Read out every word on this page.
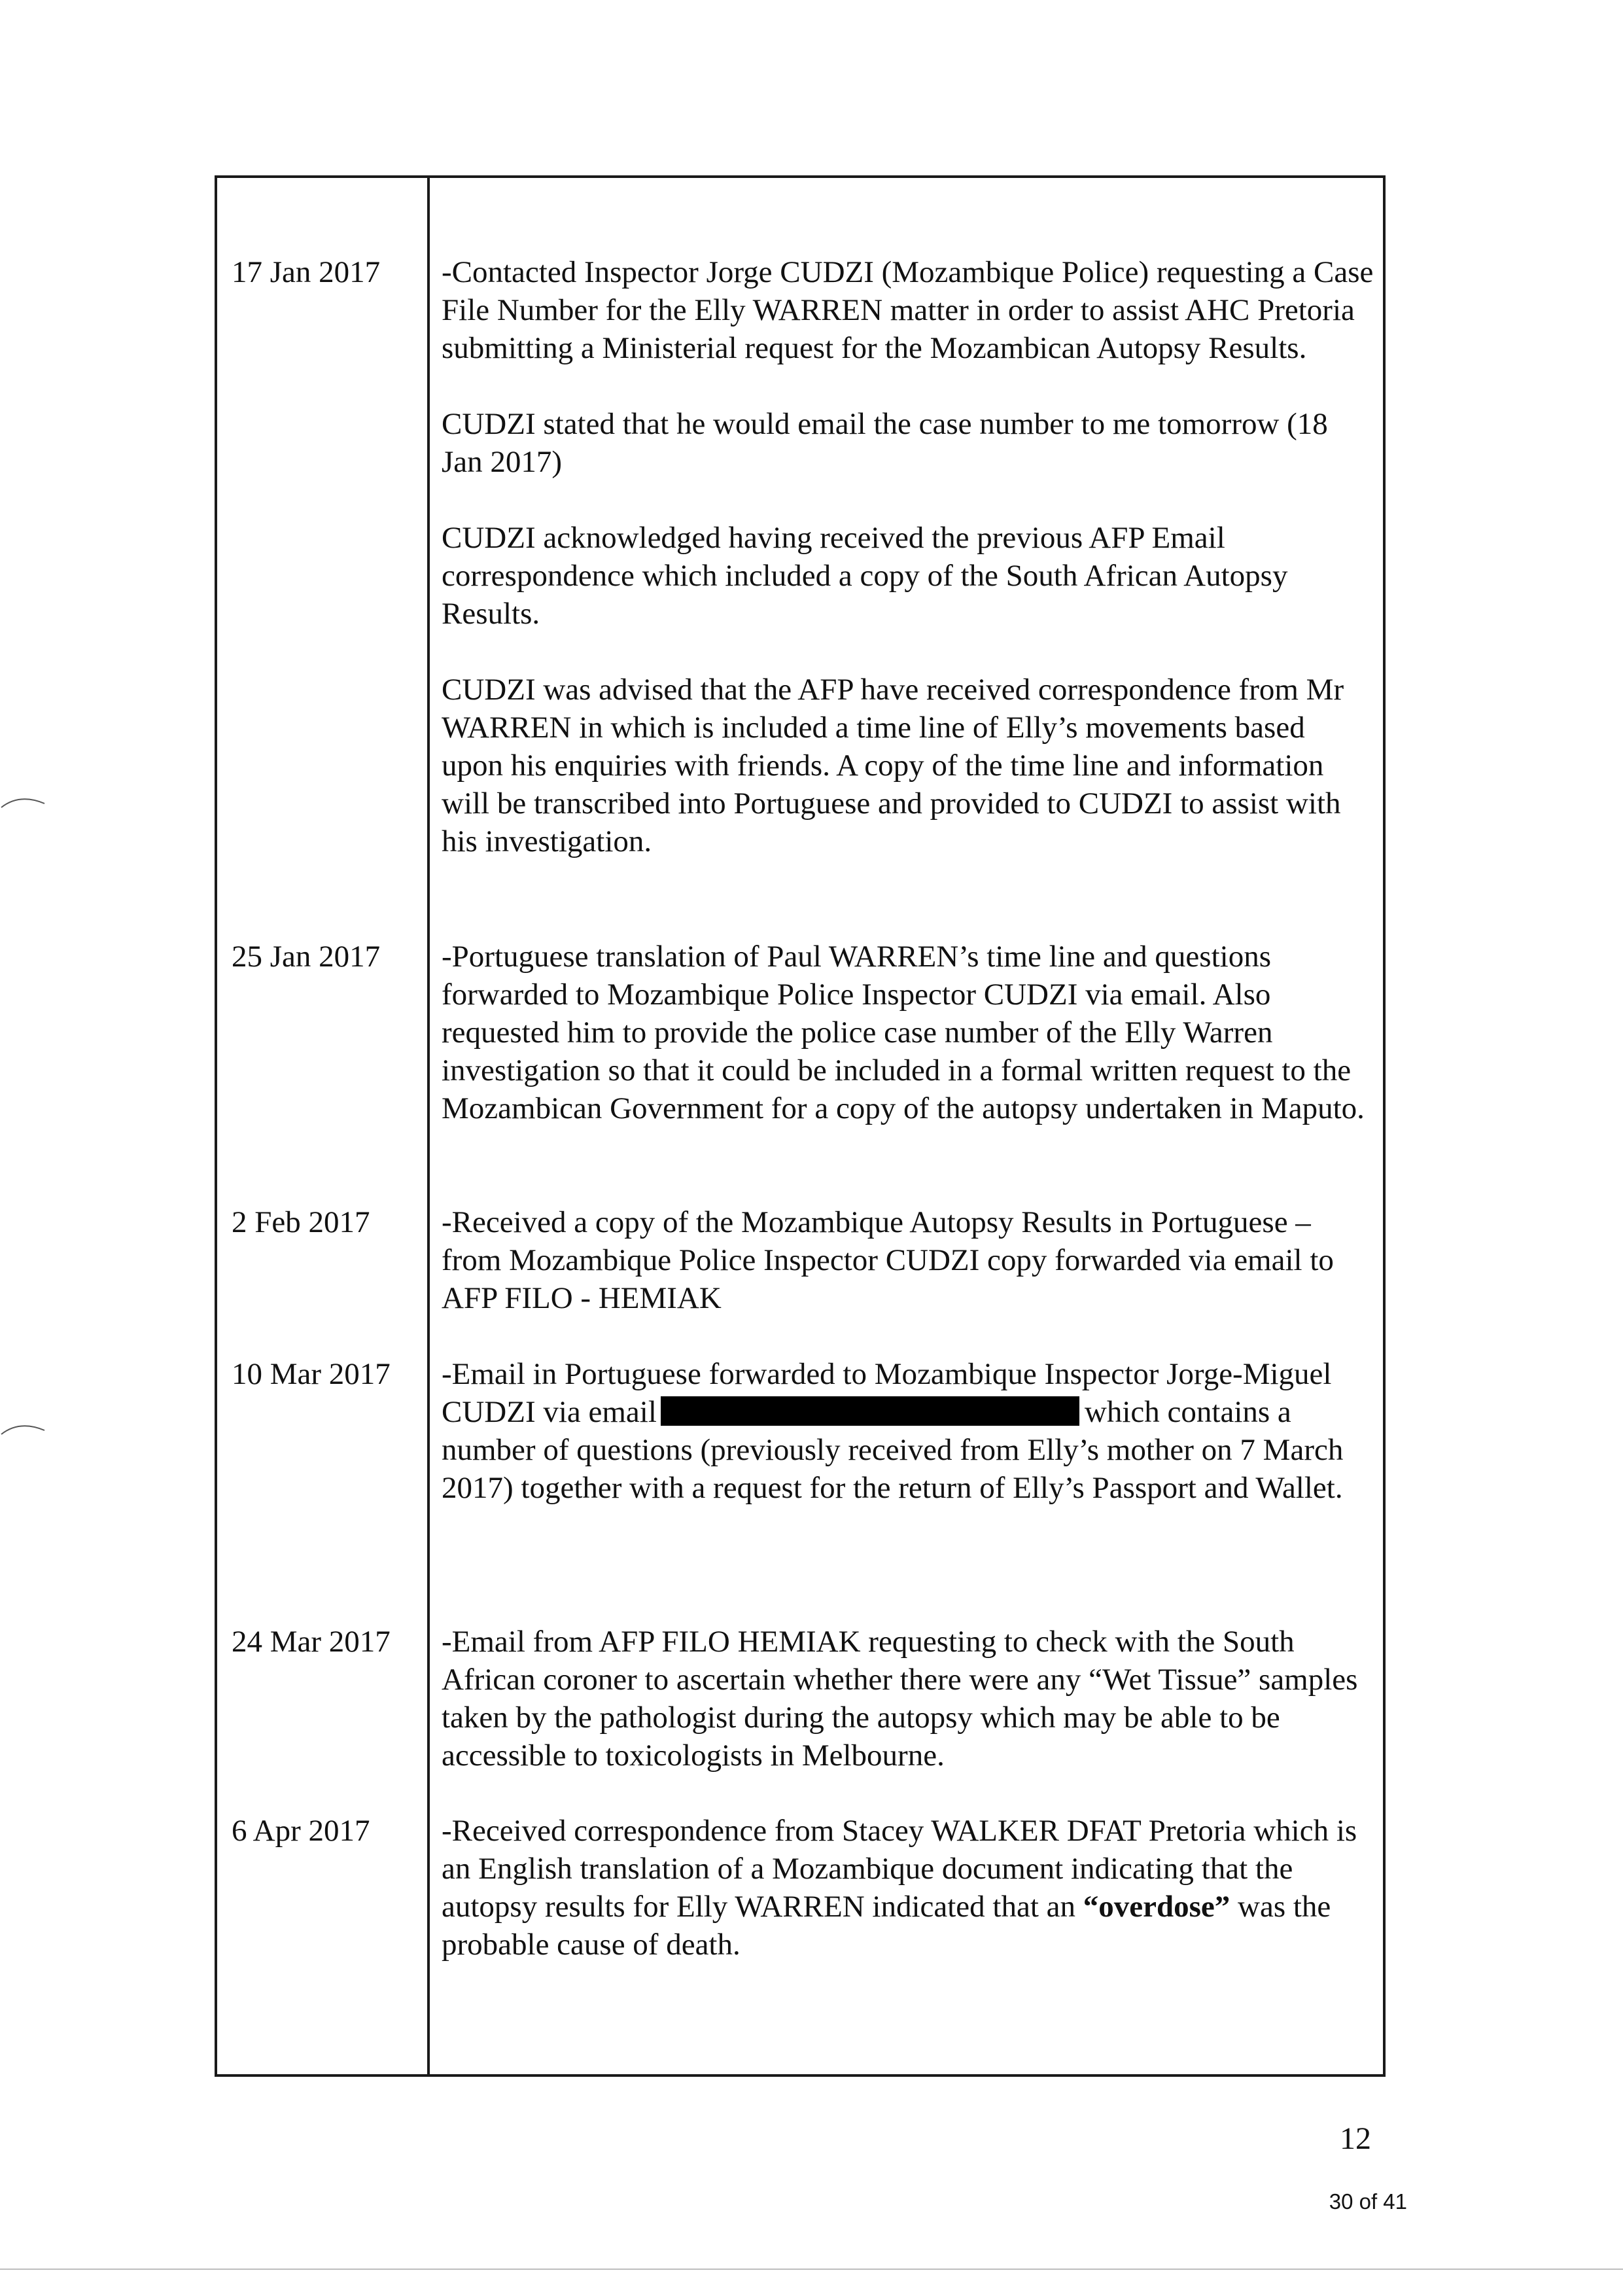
17 Jan 2017	-Contacted Inspector Jorge CUDZI (Mozambique Police) requesting a Case File Number for the Elly WARREN matter in order to assist AHC Pretoria submitting a Ministerial request for the Mozambican Autopsy Results.

CUDZI stated that he would email the case number to me tomorrow (18 Jan 2017)

CUDZI acknowledged having received the previous AFP Email correspondence which included a copy of the South African Autopsy Results.

CUDZI was advised that the AFP have received correspondence from Mr WARREN in which is included a time line of Elly’s movements based upon his enquiries with friends. A copy of the time line and information will be transcribed into Portuguese and provided to CUDZI to assist with his investigation.

25 Jan 2017	-Portuguese translation of Paul WARREN’s time line and questions forwarded to Mozambique Police Inspector CUDZI via email. Also requested him to provide the police case number of the Elly Warren investigation so that it could be included in a formal written request to the Mozambican Government for a copy of the autopsy undertaken in Maputo.

2 Feb 2017	-Received a copy of the Mozambique Autopsy Results in Portuguese – from Mozambique Police Inspector CUDZI copy forwarded via email to AFP FILO - HEMIAK

10 Mar 2017	-Email in Portuguese forwarded to Mozambique Inspector Jorge-Miguel CUDZI via email	which contains a number of questions (previously received from Elly’s mother on 7 March 2017) together with a request for the return of Elly’s Passport and Wallet.

24 Mar 2017	-Email from AFP FILO HEMIAK requesting to check with the South African coroner to ascertain whether there were any “Wet Tissue” samples taken by the pathologist during the autopsy which may be able to be accessible to toxicologists in Melbourne.

6 Apr 2017	-Received correspondence from Stacey WALKER DFAT Pretoria which is an English translation of a Mozambique document indicating that the autopsy results for Elly WARREN indicated that an “overdose” was the probable cause of death.

12
30 of 41
